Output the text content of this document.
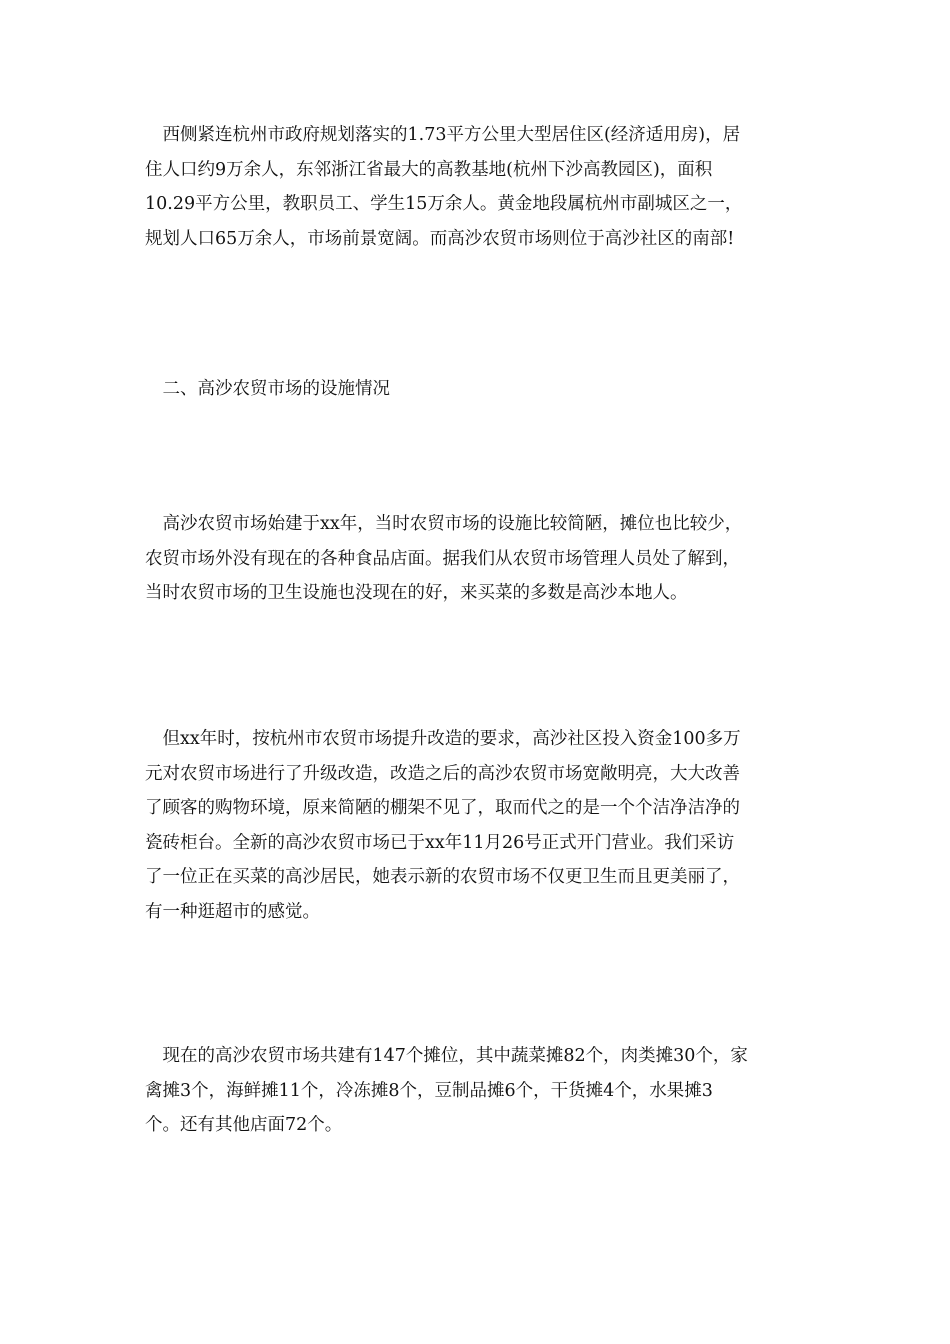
　西侧紧连杭州市政府规划落实的1.73平方公里大型居住区(经济适用房)，居
住人口约9万余人，东邻浙江省最大的高教基地(杭州下沙高教园区)，面积
10.29平方公里，教职员工、学生15万余人。黄金地段属杭州市副城区之一，
规划人口65万余人，市场前景宽阔。而高沙农贸市场则位于高沙社区的南部!
　二、高沙农贸市场的设施情况
　高沙农贸市场始建于xx年，当时农贸市场的设施比较简陋，摊位也比较少，
农贸市场外没有现在的各种食品店面。据我们从农贸市场管理人员处了解到，
当时农贸市场的卫生设施也没现在的好，来买菜的多数是高沙本地人。
　但xx年时，按杭州市农贸市场提升改造的要求，高沙社区投入资金100多万
元对农贸市场进行了升级改造，改造之后的高沙农贸市场宽敞明亮，大大改善
了顾客的购物环境，原来简陋的棚架不见了，取而代之的是一个个洁净洁净的
瓷砖柜台。全新的高沙农贸市场已于xx年11月26号正式开门营业。我们采访
了一位正在买菜的高沙居民，她表示新的农贸市场不仅更卫生而且更美丽了，
有一种逛超市的感觉。
　现在的高沙农贸市场共建有147个摊位，其中蔬菜摊82个，肉类摊30个，家
禽摊3个，海鲜摊11个，冷冻摊8个，豆制品摊6个，干货摊4个，水果摊3
个。还有其他店面72个。
